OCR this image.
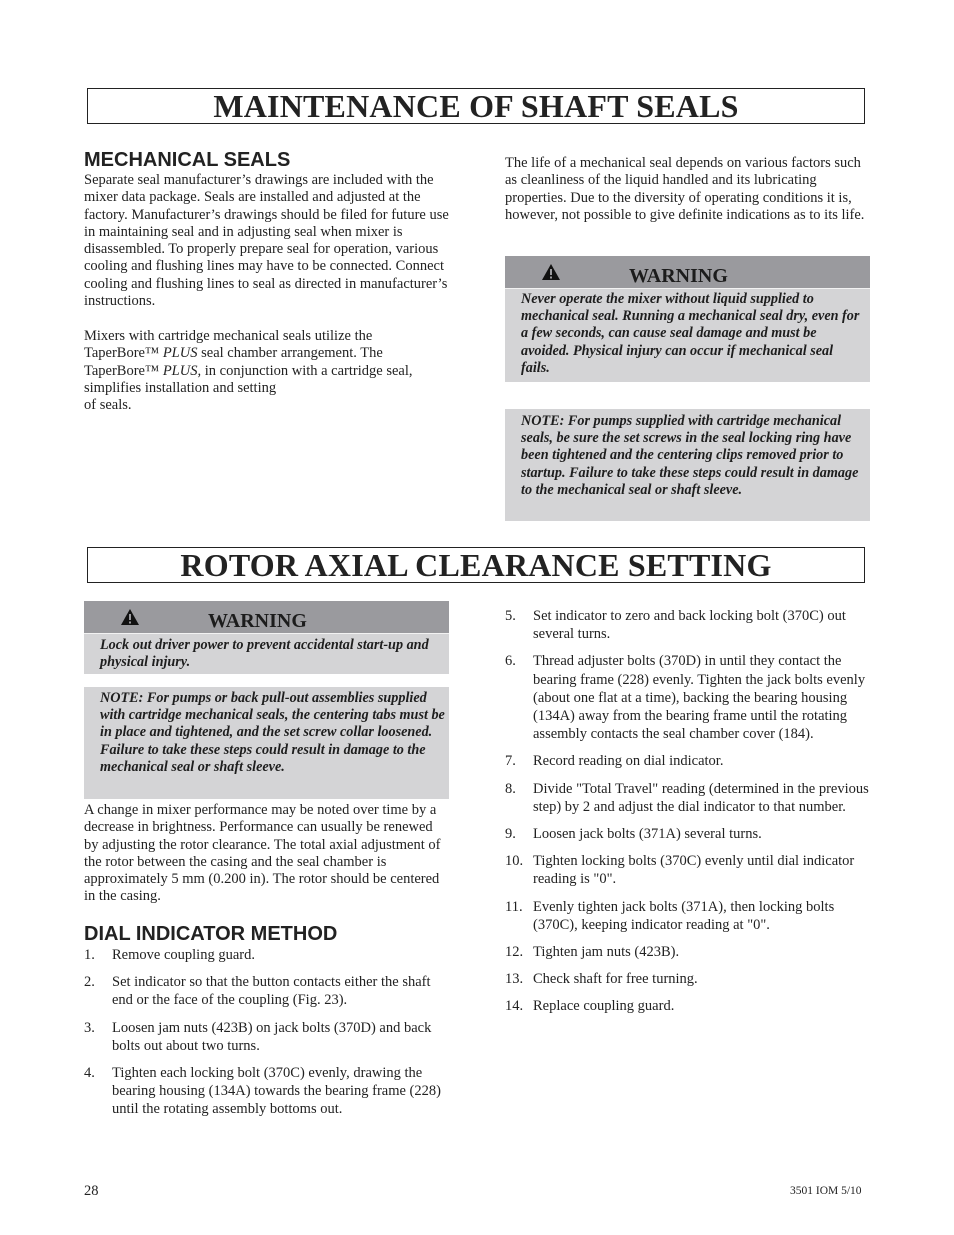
MAINTENANCE OF SHAFT SEALS
MECHANICAL SEALS

Separate seal manufacturer’s drawings are included with the mixer data package. Seals are installed and adjusted at the factory. Manufacturer’s drawings should be filed for future use in maintaining seal and in adjusting seal when mixer is disassembled. To properly prepare seal for operation, various cooling and flushing lines may have to be connected. Connect cooling and flushing lines to seal as directed in manufacturer’s instructions.

Mixers with cartridge mechanical seals utilize the TaperBore™ PLUS seal chamber arrangement. The TaperBore™ PLUS, in conjunction with a cartridge seal, simplifies installation and setting
of seals.

The life of a mechanical seal depends on various factors such as cleanliness of the liquid handled and its lubricating properties. Due to the diversity of operating conditions it is, however, not possible to give definite indications as to its life.

WARNING

Never operate the mixer without liquid supplied to mechanical seal. Running a mechanical seal dry, even for a few seconds, can cause seal damage and must be avoided. Physical injury can occur if mechanical seal fails.

NOTE: For pumps supplied with cartridge mechanical seals, be sure the set screws in the seal locking ring have been tightened and the centering clips removed prior to startup. Failure to take these steps could result in damage to the mechanical seal or shaft sleeve.

ROTOR AXIAL CLEARANCE SETTING
WARNING

Lock out driver power to prevent accidental start-up and physical injury.

NOTE: For pumps or back pull-out assemblies supplied with cartridge mechanical seals, the centering tabs must be in place and tightened, and the set screw collar loosened. Failure to take these steps could result in damage to the mechanical seal or shaft sleeve.

A change in mixer performance may be noted over time by a decrease in brightness. Performance can usually be renewed by adjusting the rotor clearance. The total axial adjustment of the rotor between the casing and the seal chamber is approximately 5 mm (0.200 in). The rotor should be centered in the casing.

DIAL INDICATOR METHOD
1. Remove coupling guard.
2. Set indicator so that the button contacts either the shaft end or the face of the coupling (Fig. 23).
3. Loosen jam nuts (423B) on jack bolts (370D) and back bolts out about two turns.
4. Tighten each locking bolt (370C) evenly, drawing the bearing housing (134A) towards the bearing frame (228) until the rotating assembly bottoms out.
5. Set indicator to zero and back locking bolt (370C) out several turns.
6. Thread adjuster bolts (370D) in until they contact the bearing frame (228) evenly. Tighten the jack bolts evenly (about one flat at a time), backing the bearing housing (134A) away from the bearing frame until the rotating assembly contacts the seal chamber cover (184).
7. Record reading on dial indicator.
8. Divide "Total Travel" reading (determined in the previous step) by 2 and adjust the dial indicator to that number.
9. Loosen jack bolts (371A) several turns.
10. Tighten locking bolts (370C) evenly until dial indicator reading is "0".
11. Evenly tighten jack bolts (371A), then locking bolts (370C), keeping indicator reading at "0".
12. Tighten jam nuts (423B).
13. Check shaft for free turning.
14. Replace coupling guard.
28	3501 IOM 5/10
